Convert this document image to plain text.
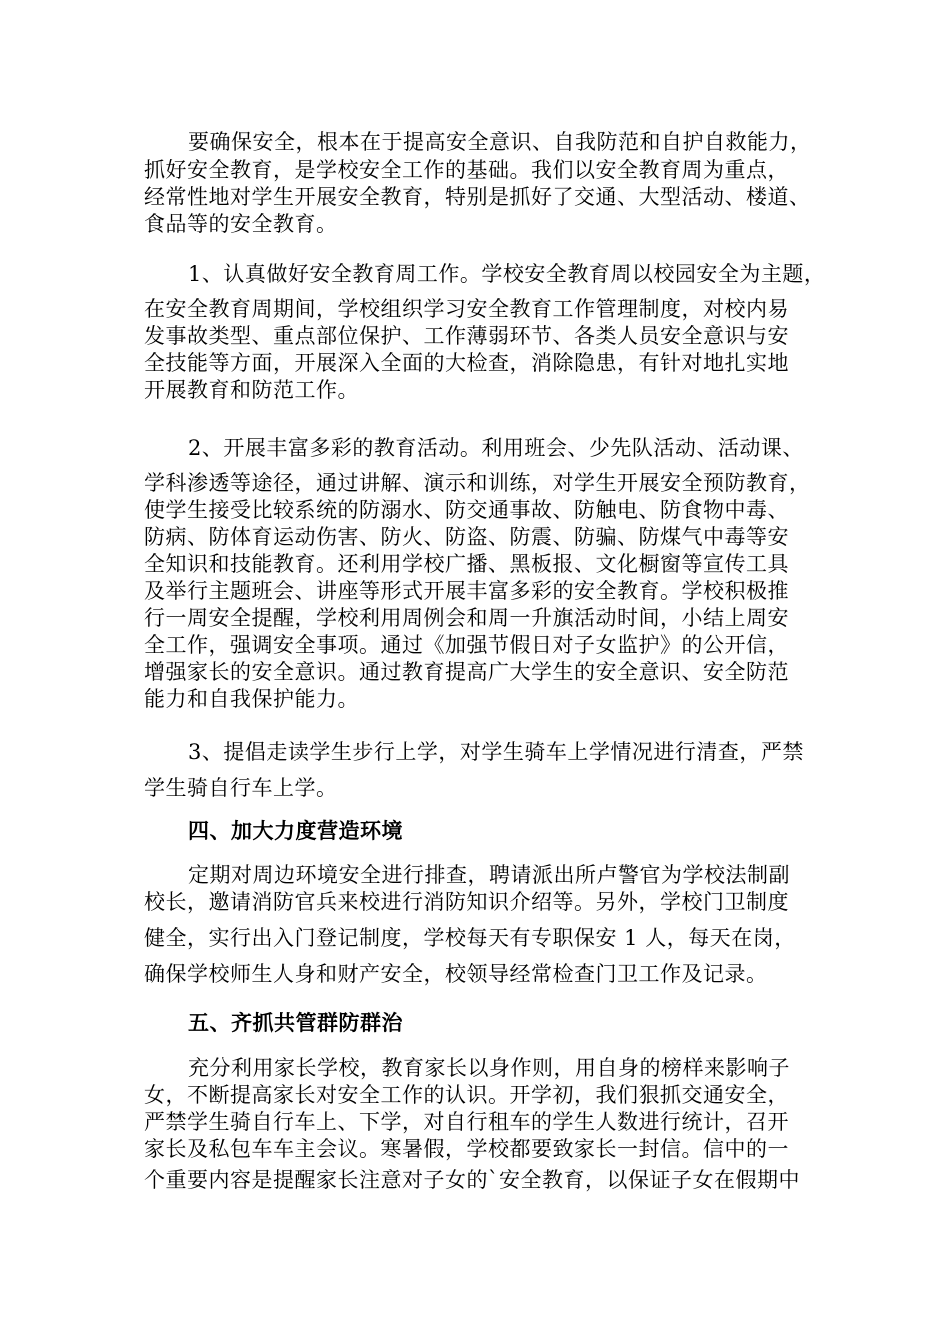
要确保安全，根本在于提高安全意识、自我防范和自护自救能力，
抓好安全教育，是学校安全工作的基础。我们以安全教育周为重点，
经常性地对学生开展安全教育，特别是抓好了交通、大型活动、楼道、
食品等的安全教育。
1、认真做好安全教育周工作。学校安全教育周以校园安全为主题，
在安全教育周期间，学校组织学习安全教育工作管理制度，对校内易
发事故类型、重点部位保护、工作薄弱环节、各类人员安全意识与安
全技能等方面，开展深入全面的大检查，消除隐患，有针对地扎实地
开展教育和防范工作。
2、开展丰富多彩的教育活动。利用班会、少先队活动、活动课、
学科渗透等途径，通过讲解、演示和训练，对学生开展安全预防教育，
使学生接受比较系统的防溺水、防交通事故、防触电、防食物中毒、
防病、防体育运动伤害、防火、防盗、防震、防骗、防煤气中毒等安
全知识和技能教育。还利用学校广播、黑板报、文化橱窗等宣传工具
及举行主题班会、讲座等形式开展丰富多彩的安全教育。学校积极推
行一周安全提醒，学校利用周例会和周一升旗活动时间，小结上周安
全工作，强调安全事项。通过《加强节假日对子女监护》的公开信，
增强家长的安全意识。通过教育提高广大学生的安全意识、安全防范
能力和自我保护能力。
3、提倡走读学生步行上学，对学生骑车上学情况进行清查，严禁
学生骑自行车上学。
四、加大力度营造环境
定期对周边环境安全进行排查，聘请派出所卢警官为学校法制副
校长，邀请消防官兵来校进行消防知识介绍等。另外，学校门卫制度
健全，实行出入门登记制度，学校每天有专职保安 1 人，每天在岗，
确保学校师生人身和财产安全，校领导经常检查门卫工作及记录。
五、齐抓共管群防群治
充分利用家长学校，教育家长以身作则，用自身的榜样来影响子
女，不断提高家长对安全工作的认识。开学初，我们狠抓交通安全，
严禁学生骑自行车上、下学，对自行租车的学生人数进行统计，召开
家长及私包车车主会议。寒暑假，学校都要致家长一封信。信中的一
个重要内容是提醒家长注意对子女的`安全教育，以保证子女在假期中
